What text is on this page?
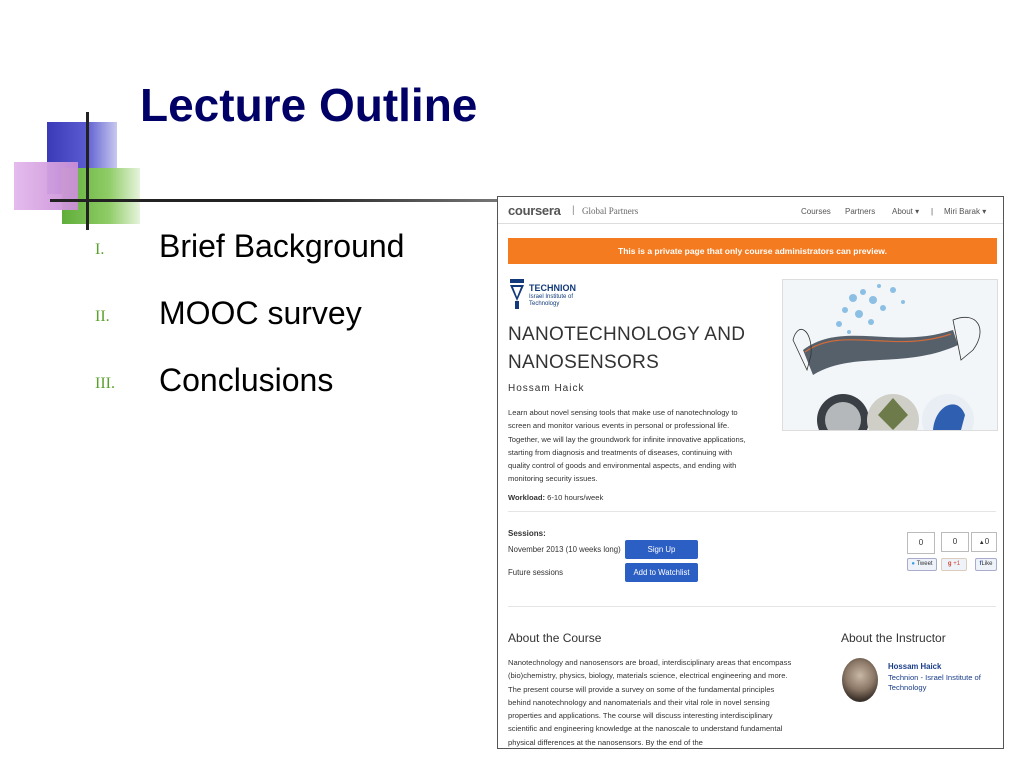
Lecture Outline
I.	Brief Background
II.	MOOC survey
III.	Conclusions
coursera | Global Partners	Courses Partners About ▾ | Miri Barak ▾
This is a private page that only course administrators can preview.
TECHNION
Israel Institute of Technology
NANOTECHNOLOGY AND NANOSENSORS
Hossam Haick
Learn about novel sensing tools that make use of nanotechnology to screen and monitor various events in personal or professional life. Together, we will lay the groundwork for infinite innovative applications, starting from diagnosis and treatments of diseases, continuing with quality control of goods and environmental aspects, and ending with monitoring security issues.
Workload: 6-10 hours/week
Sessions:
November 2013 (10 weeks long)	Sign Up
Future sessions	Add to Watchlist
0	0	▲0
● Tweet	g +1	fLike
About the Course
Nanotechnology and nanosensors are broad, interdisciplinary areas that encompass (bio)chemistry, physics, biology, materials science, electrical engineering and more. The present course will provide a survey on some of the fundamental principles behind nanotechnology and nanomaterials and their vital role in novel sensing properties and applications. The course will discuss interesting interdisciplinary scientific and engineering knowledge at the nanoscale to understand fundamental physical differences at the nanosensors. By the end of the
About the Instructor
Hossam Haick
Technion - Israel Institute of Technology
